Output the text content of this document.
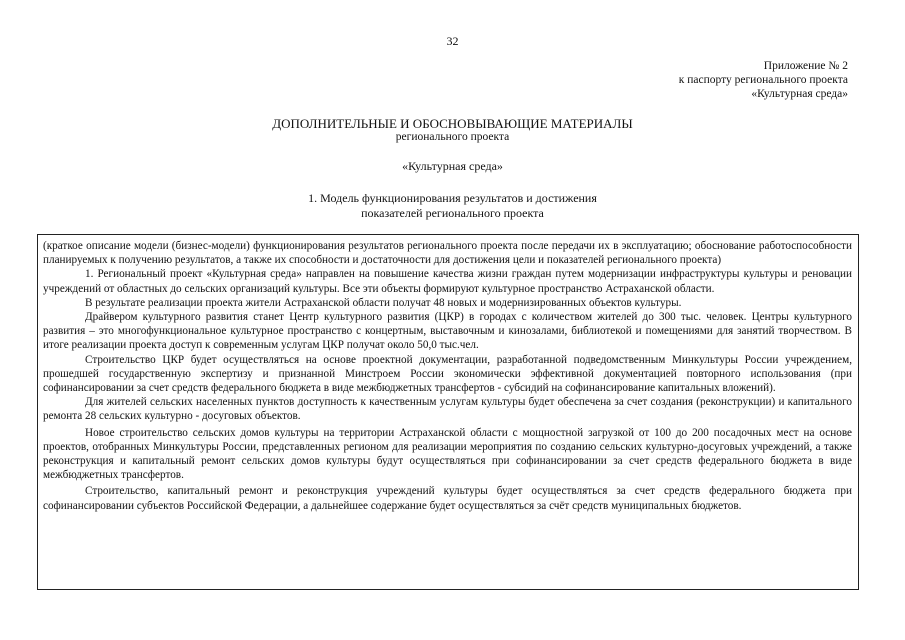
32
Приложение № 2
к паспорту регионального проекта
«Культурная среда»
ДОПОЛНИТЕЛЬНЫЕ И ОБОСНОВЫВАЮЩИЕ МАТЕРИАЛЫ
регионального проекта
«Культурная среда»
1. Модель функционирования результатов и достижения
показателей регионального проекта

(краткое описание модели (бизнес-модели) функционирования результатов регионального проекта после передачи их в эксплуатацию; обоснование работоспособности планируемых к получению результатов, а также их способности и достаточности для достижения цели и показателей регионального проекта)

1. Региональный проект «Культурная среда» направлен на повышение качества жизни граждан путем модернизации инфраструктуры культуры и реновации учреждений от областных до сельских организаций культуры. Все эти объекты формируют культурное пространство Астраханской области.

В результате реализации проекта жители Астраханской области получат 48 новых и модернизированных объектов культуры.

Драйвером культурного развития станет Центр культурного развития (ЦКР) в городах с количеством жителей до 300 тыс. человек. Центры культурного развития – это многофункциональное культурное пространство с концертным, выставочным и кинозалами, библиотекой и помещениями для занятий творчеством. В итоге реализации проекта доступ к современным услугам ЦКР получат около 50,0 тыс.чел.

Строительство ЦКР будет осуществляться на основе проектной документации, разработанной подведомственным Минкультуры России учреждением, прошедшей государственную экспертизу и признанной Минстроем России экономически эффективной документацией повторного использования (при софинансировании за счет средств федерального бюджета в виде межбюджетных трансфертов - субсидий на софинансирование капитальных вложений).

Для жителей сельских населенных пунктов доступность к качественным услугам культуры будет обеспечена за счет создания (реконструкции) и капитального ремонта 28 сельских культурно - досуговых объектов.

Новое строительство сельских домов культуры на территории Астраханской области с мощностной загрузкой от 100 до 200 посадочных мест на основе проектов, отобранных Минкультуры России, представленных регионом для реализации мероприятия по созданию сельских культурно-досуговых учреждений, а также реконструкция и капитальный ремонт сельских домов культуры будут осуществляться при софинансировании за счет средств федерального бюджета в виде межбюджетных трансфертов.

Строительство, капитальный ремонт и реконструкция учреждений культуры будет осуществляться за счет средств федерального бюджета при софинансировании субъектов Российской Федерации, а дальнейшее содержание будет осуществляться за счёт средств муниципальных бюджетов.
